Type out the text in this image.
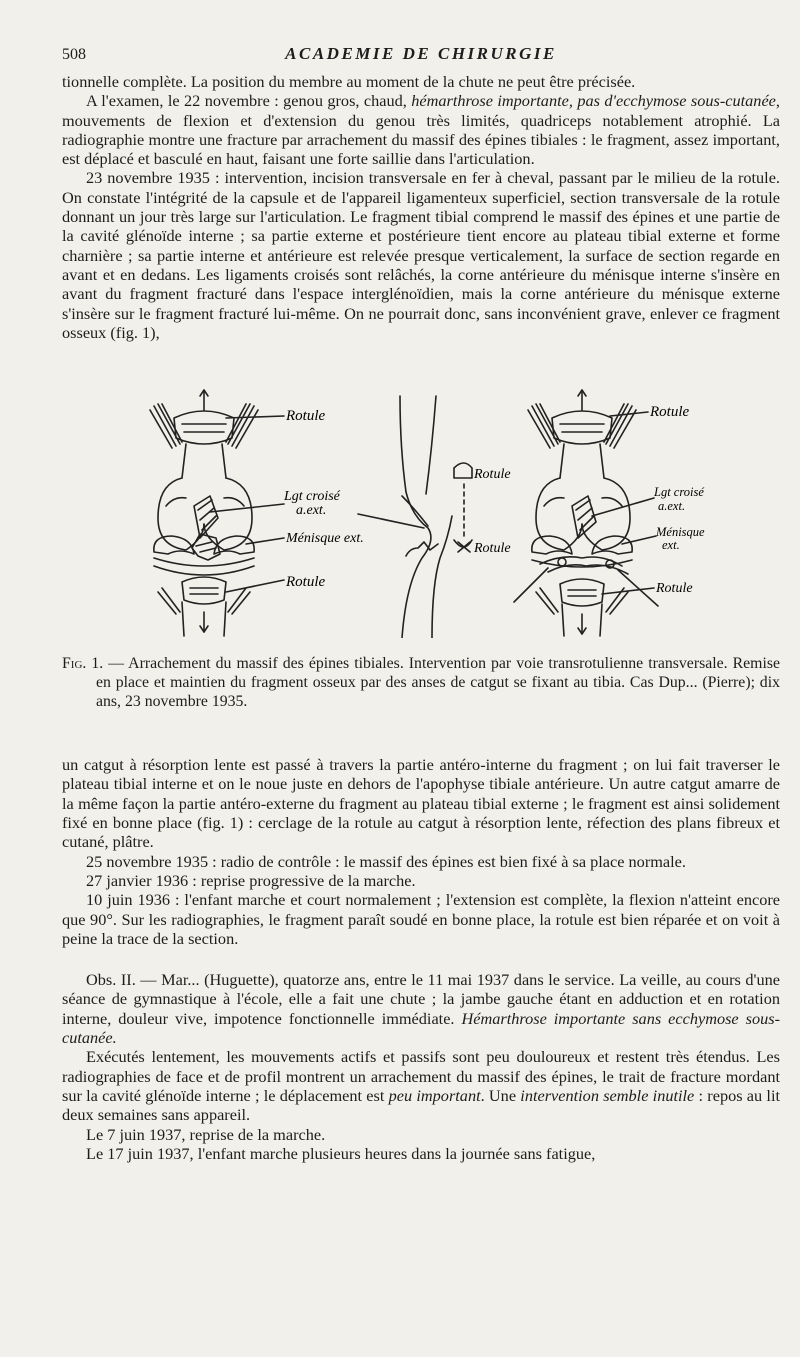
508	ACADEMIE DE CHIRURGIE

tionnelle complète. La position du membre au moment de la chute ne peut être précisée.

A l'examen, le 22 novembre : genou gros, chaud, hémarthrose importante, pas d'ecchymose sous-cutanée, mouvements de flexion et d'extension du genou très limités, quadriceps notablement atrophié. La radiographie montre une fracture par arrachement du massif des épines tibiales : le fragment, assez important, est déplacé et basculé en haut, faisant une forte saillie dans l'articulation.

23 novembre 1935 : intervention, incision transversale en fer à cheval, passant par le milieu de la rotule. On constate l'intégrité de la capsule et de l'appareil ligamenteux superficiel, section transversale de la rotule donnant un jour très large sur l'articulation. Le fragment tibial comprend le massif des épines et une partie de la cavité glénoïde interne ; sa partie externe et postérieure tient encore au plateau tibial externe et forme charnière ; sa partie interne et antérieure est relevée presque verticalement, la surface de section regarde en avant et en dedans. Les ligaments croisés sont relâchés, la corne antérieure du ménisque interne s'insère en avant du fragment fracturé dans l'espace interglénoïdien, mais la corne antérieure du ménisque externe s'insère sur le fragment fracturé lui-même. On ne pourrait donc, sans inconvénient grave, enlever ce fragment osseux (fig. 1),

Rotule
Lgt croisé
a.ext.
Ménisque ext.
Rotule
Rotule
Rotule
Rotule
Lgt croisé
a.ext.
Ménisque
ext.
Rotule
Fig. 1. — Arrachement du massif des épines tibiales. Intervention par voie transrotulienne transversale. Remise en place et maintien du fragment osseux par des anses de catgut se fixant au tibia. Cas Dup... (Pierre); dix ans, 23 novembre 1935.

un catgut à résorption lente est passé à travers la partie antéro-interne du fragment ; on lui fait traverser le plateau tibial interne et on le noue juste en dehors de l'apophyse tibiale antérieure. Un autre catgut amarre de la même façon la partie antéro-externe du fragment au plateau tibial externe ; le fragment est ainsi solidement fixé en bonne place (fig. 1) : cerclage de la rotule au catgut à résorption lente, réfection des plans fibreux et cutané, plâtre.

25 novembre 1935 : radio de contrôle : le massif des épines est bien fixé à sa place normale.

27 janvier 1936 : reprise progressive de la marche.

10 juin 1936 : l'enfant marche et court normalement ; l'extension est complète, la flexion n'atteint encore que 90°. Sur les radiographies, le fragment paraît soudé en bonne place, la rotule est bien réparée et on voit à peine la trace de la section.

Obs. II. — Mar... (Huguette), quatorze ans, entre le 11 mai 1937 dans le service. La veille, au cours d'une séance de gymnastique à l'école, elle a fait une chute ; la jambe gauche étant en adduction et en rotation interne, douleur vive, impotence fonctionnelle immédiate. Hémarthrose importante sans ecchymose sous-cutanée.

Exécutés lentement, les mouvements actifs et passifs sont peu douloureux et restent très étendus. Les radiographies de face et de profil montrent un arrachement du massif des épines, le trait de fracture mordant sur la cavité glénoïde interne ; le déplacement est peu important. Une intervention semble inutile : repos au lit deux semaines sans appareil.

Le 7 juin 1937, reprise de la marche.

Le 17 juin 1937, l'enfant marche plusieurs heures dans la journée sans fatigue,
